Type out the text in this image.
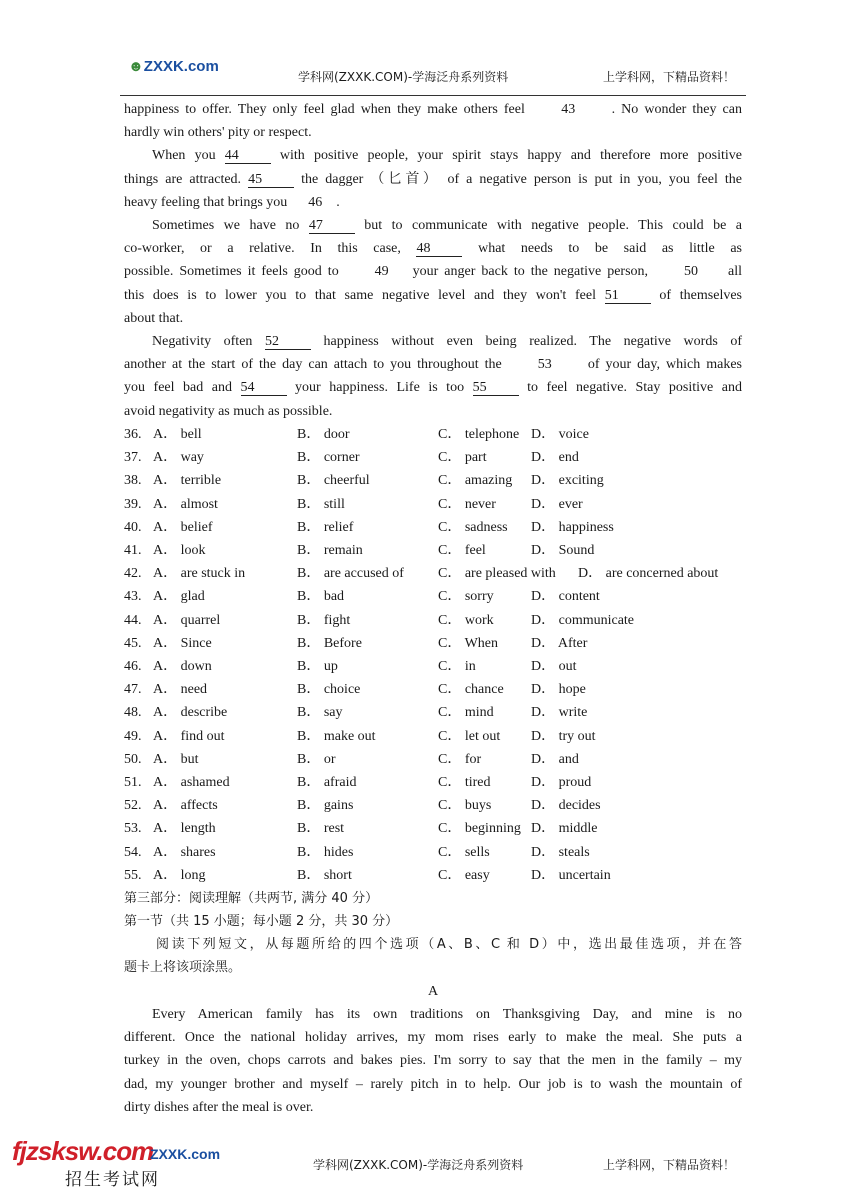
☻ZXXK.com
学科网(ZXXK.COM)-学海泛舟系列资料	上学科网，下精品资料！
happiness to offer. They only feel glad when they make others feel      43      . No wonder they can
hardly win others' pity or respect.
When you 44 with positive people, your spirit stays happy and therefore more positive
things are attracted. 45 the dagger （匕首） of a negative person is put in you, you feel the
heavy feeling that brings you      46    .
Sometimes we have no 47 but to communicate with negative people. This could be a
co-worker, or a relative. In this case, 48 what needs to be said as little as
possible. Sometimes it feels good to      49    your anger back to the negative person,      50     all
this does is to lower you to that same negative level and they won't feel 51 of themselves
about that.
Negativity often 52 happiness without even being realized. The negative words of
another at the start of the day can attach to you throughout the      53      of your day, which makes
you feel bad and 54 your happiness. Life is too 55 to feel negative. Stay positive and
avoid negativity as much as possible.
36. A． bell	B． door	C． telephone D． voice
37. A． way	B． corner	C． part	D． end
38. A． terrible	B． cheerful	C． amazing D． exciting
39. A． almost	B． still	C． never	D． ever
40. A． belief	B． relief	C． sadness D． happiness
41. A． look	B． remain	C． feel	D． Sound
42. A． are stuck in	B． are accused of C． are pleased with D． are concerned about
43. A． glad	B． bad	C． sorry	D． content
44. A． quarrel	B． fight	C． work	D． communicate
45. A． Since	B． Before	C． When D． After
46. A． down	B． up	C． in	D． out
47. A． need	B． choice	C． chance D． hope
48. A． describe	B． say	C． mind	D． write
49. A． find out	B． make out	C． let out D． try out
50. A． but	B． or	C． for	D． and
51. A． ashamed	B． afraid	C． tired	D． proud
52. A． affects	B． gains	C． buys	D． decides
53. A． length	B． rest	C． beginning D． middle
54. A． shares	B． hides	C． sells	D． steals
55. A． long	B． short	C． easy	D． uncertain
第三部分：阅读理解（共两节, 满分 40 分）
第一节（共 15 小题；每小题 2 分，共 30 分）
阅读下列短文，从每题所给的四个选项（A、B、C 和 D）中，选出最佳选项，并在答
题卡上将该项涂黑。
A
Every American family has its own traditions on Thanksgiving Day, and mine is no
different. Once the national holiday arrives, my mom rises early to make the meal. She puts a
turkey in the oven, chops carrots and bakes pies. I'm sorry to say that the men in the family – my
dad, my younger brother and myself – rarely pitch in to help. Our job is to wash the mountain of
dirty dishes after the meal is over.
fjzsksw.com
ZXXK.com
招生考试网
学科网(ZXXK.COM)-学海泛舟系列资料	上学科网，下精品资料！
